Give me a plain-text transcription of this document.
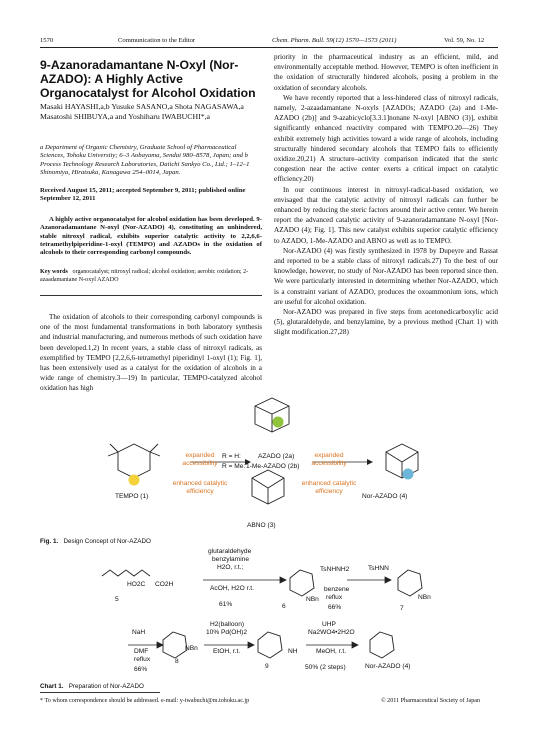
1570	Communication to the Editor	Chem. Pharm. Bull. 59(12) 1570—1573 (2011)	Vol. 59, No. 12
9-Azanoradamantane N-Oxyl (Nor-AZADO): A Highly Active Organocatalyst for Alcohol Oxidation
Masaki HAYASHI,a,b Yusuke SASANO,a Shota NAGASAWA,a
Masatoshi SHIBUYA,a and Yoshiharu IWABUCHI*,a
a Department of Organic Chemistry, Graduate School of Pharmaceutical Sciences, Tohoku University; 6–3 Aobayama, Sendai 980–8578, Japan; and b Process Technology Research Laboratories, Daiichi Sankyo Co., Ltd.; 1–12–1 Shinomiya, Hiratsuka, Kanagawa 254–0014, Japan.
Received August 15, 2011; accepted September 9, 2011; published online September 12, 2011
A highly active organocatalyst for alcohol oxidation has been developed. 9-Azanoradamantane N-oxyl (Nor-AZADO) 4), constituting an unhindered, stable nitroxyl radical, exhibits superior catalytic activity to 2,2,6,6-tetramethylpiperidine-1-oxyl (TEMPO) and AZADOs in the oxidation of alcohols to their corresponding carbonyl compounds.
Key words organocatalyst; nitroxyl radical; alcohol oxidation; aerobic oxidation; 2-azaadamantane N-oxyl AZADO

The oxidation of alcohols to their corresponding carbonyl compounds is one of the most fundamental transformations in both laboratory synthesis and industrial manufacturing, and numerous methods of such oxidation have been developed.1,2) In recent years, a stable class of nitroxyl radicals, as exemplified by TEMPO [2,2,6,6-tetramethyl piperidinyl 1-oxyl (1); Fig. 1], has been extensively used as a catalyst for the oxidation of alcohols in a wide range of chemistry.3—19) In particular, TEMPO-catalyzed alcohol oxidation has high

priority in the pharmaceutical industry as an efficient, mild, and environmentally acceptable method. However, TEMPO is often inefficient in the oxidation of structurally hindered alcohols, posing a problem in the oxidation of secondary alcohols.

We have recently reported that a less-hindered class of nitroxyl radicals, namely, 2-azaadamantane N-oxyls [AZADOs; AZADO (2a) and 1-Me-AZADO (2b)] and 9-azabicyclo[3.3.1]nonane N-oxyl [ABNO (3)], exhibit significantly enhanced reactivity compared with TEMPO.20—26) They exhibit extremely high activities toward a wide range of alcohols, including structurally hindered secondary alcohols that TEMPO fails to efficiently oxidize.20,21) A structure–activity comparison indicated that the steric congestion near the active center exerts a critical impact on catalytic efficiency.20)

In our continuous interest in nitroxyl-radical-based oxidation, we envisaged that the catalytic activity of nitroxyl radicals can further be enhanced by reducing the steric factors around their active center. We herein report the advanced catalytic activity of 9-azanoradamantane N-oxyl [Nor-AZADO (4); Fig. 1]. This new catalyst exhibits superior catalytic efficiency to AZADO, 1-Me-AZADO and ABNO as well as to TEMPO.

Nor-AZADO (4) was firstly synthesized in 1978 by Dupeyre and Rassat and reported to be a stable class of nitroxyl radicals.27) To the best of our knowledge, however, no study of Nor-AZADO has been reported since then. We were particularly interested in determining whether Nor-AZADO, which is a constraint variant of AZADO, produces the oxoammonium ions, which are useful for alcohol oxidation.

Nor-AZADO was prepared in five steps from acetonedicarboxylic acid (5), glutaraldehyde, and benzylamine, by a previous method (Chart 1) with slight modification.27,28)

TEMPO (1)
expanded accessibility
enhanced catalytic efficiency
R = H:	AZADO (2a)
R = Me: 1-Me-AZADO (2b)
ABNO (3)
expanded accessibility
enhanced catalytic efficiency
Nor-AZADO (4)
Fig. 1. Design Concept of Nor-AZADO
HO2C CO2H
5
glutaraldehyde
benzylamine
H2O, r.t.;
AcOH, H2O r.t.
61%
NBn
6
TsNHNH2
benzene
reflux
66%
TsHNN
NBn
7
NaH
DMF
reflux
66%
NBn
8
H2(balloon)
10% Pd(OH)2
EtOH, r.t.	NH
9
UHP
Na2WO4•2H2O
MeOH, r.t.
50% (2 steps)	Nor-AZADO (4)
Chart 1. Preparation of Nor-AZADO
* To whom correspondence should be addressed. e-mail: y-iwabuchi@m.tohoku.ac.jp	© 2011 Pharmaceutical Society of Japan
